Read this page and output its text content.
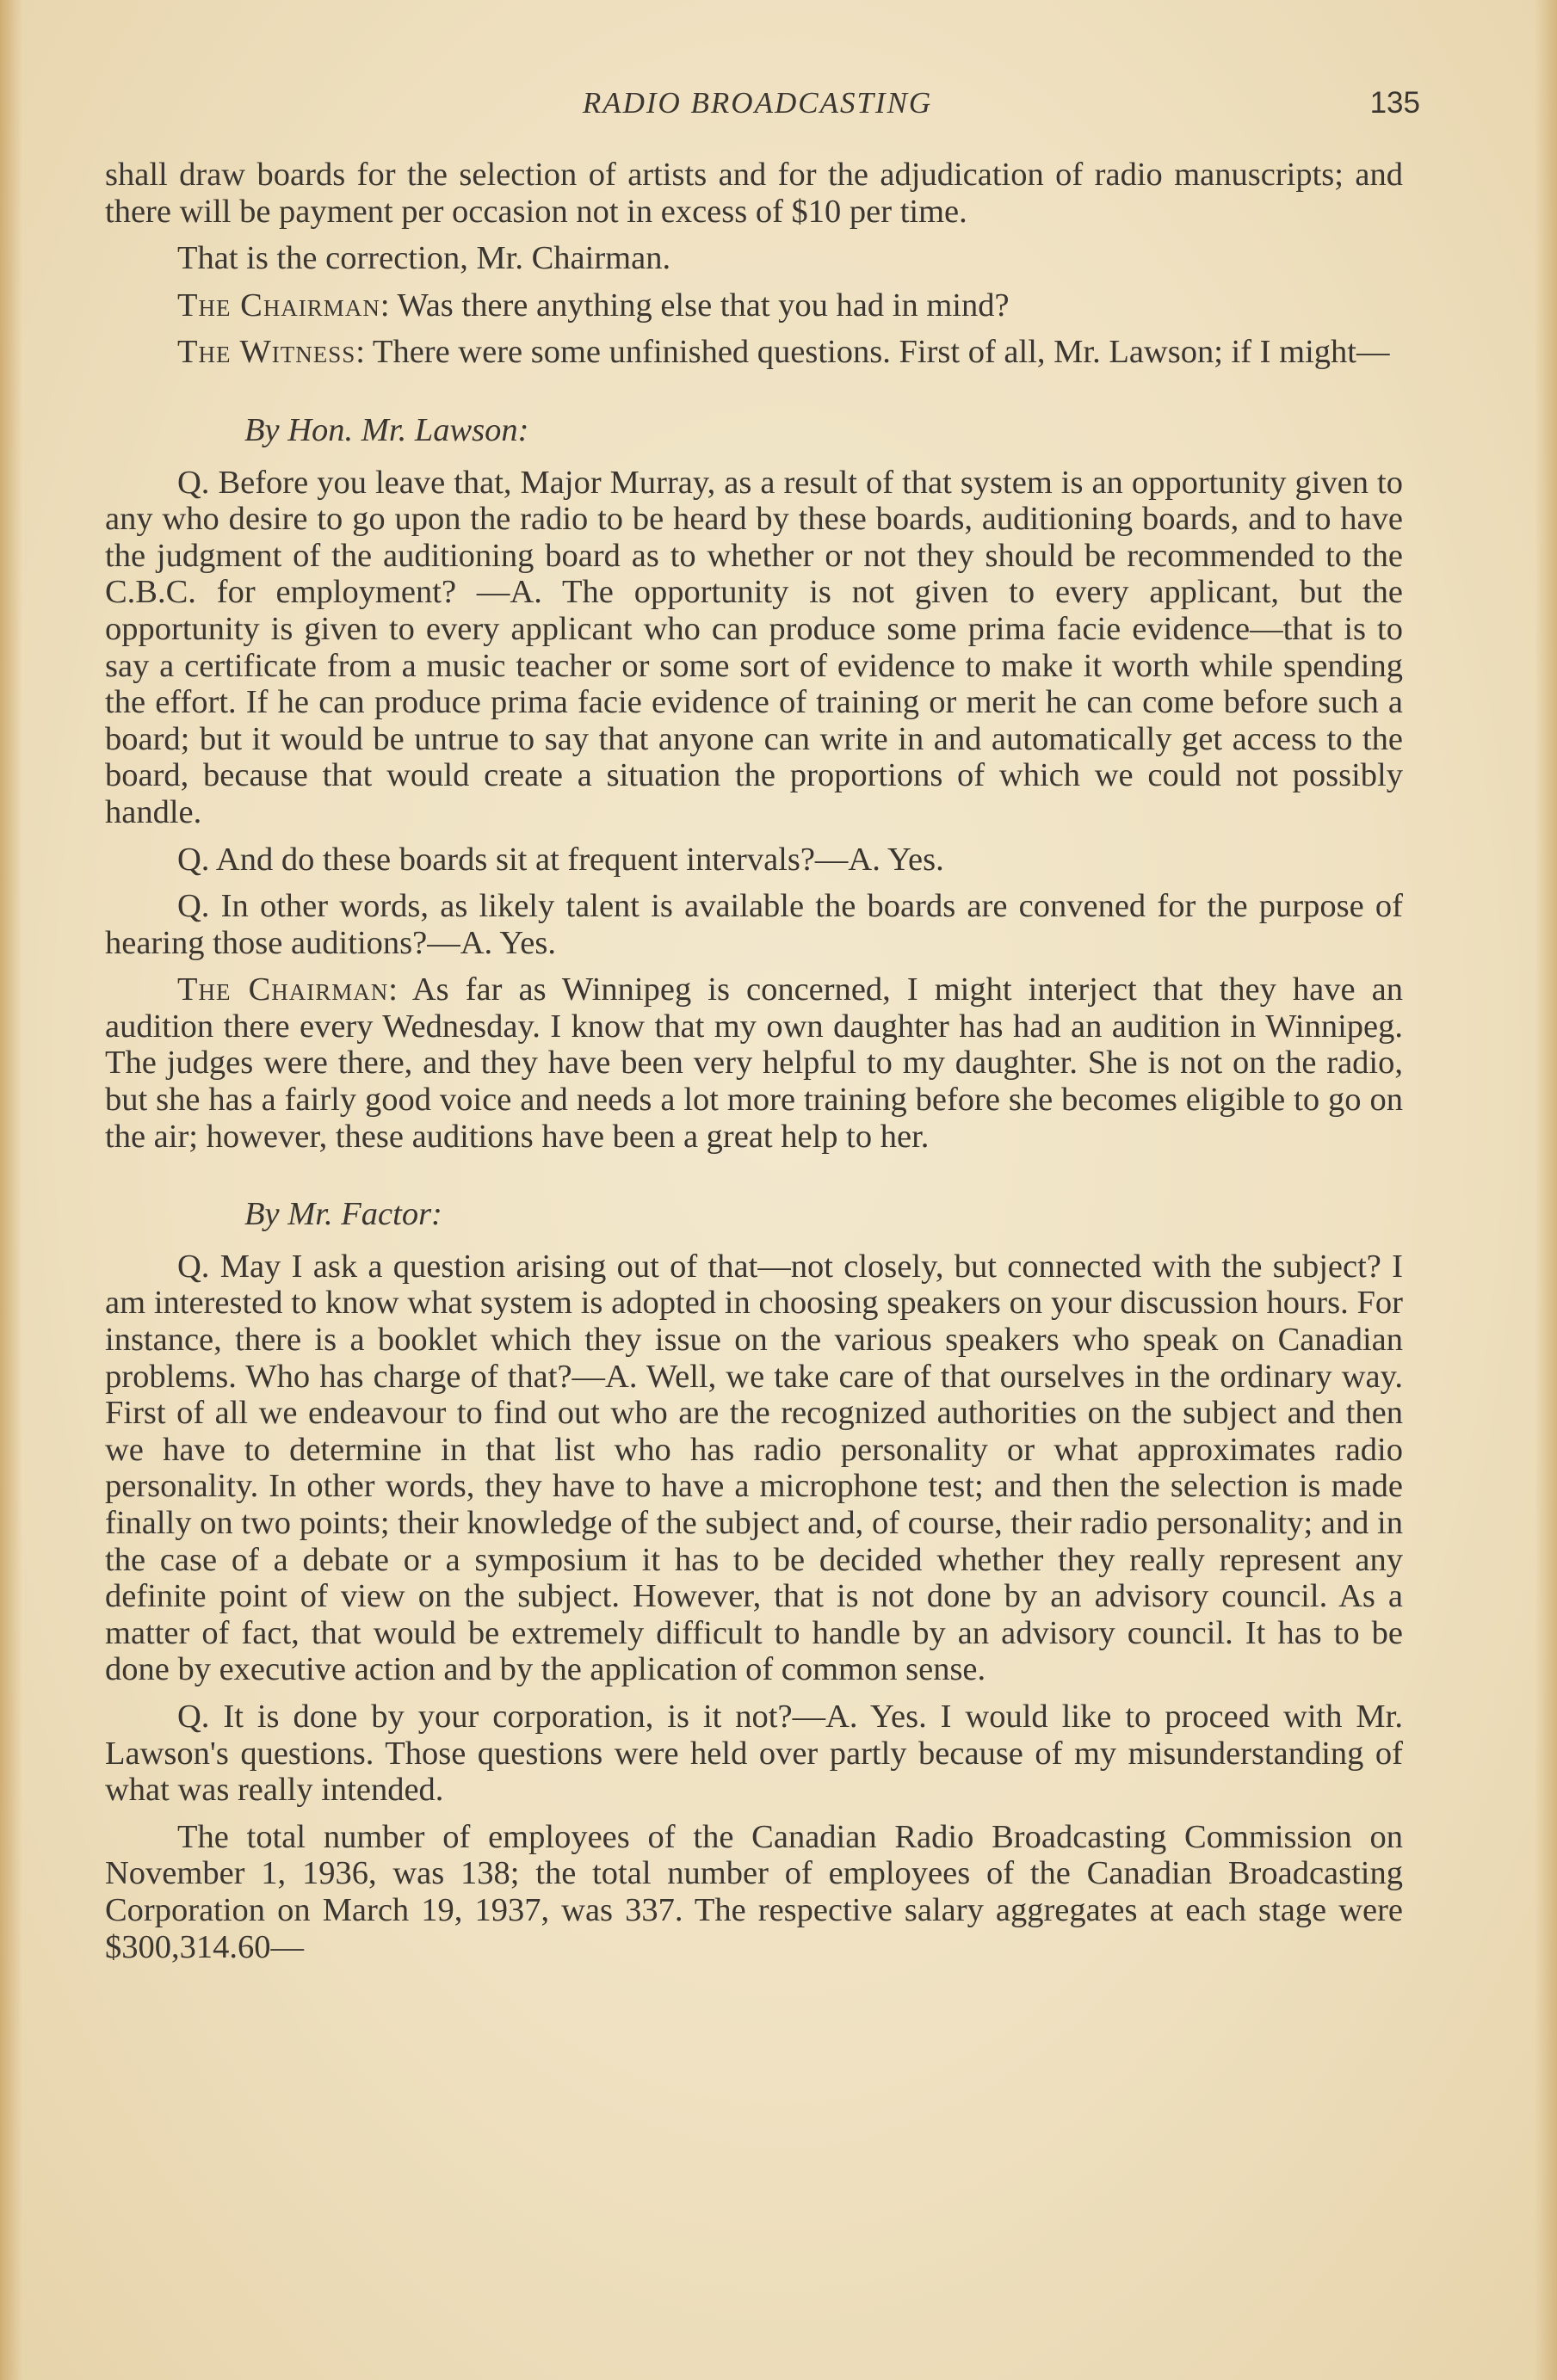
RADIO BROADCASTING	135

shall draw boards for the selection of artists and for the adjudication of radio manuscripts; and there will be payment per occasion not in excess of $10 per time.

That is the correction, Mr. Chairman.

The Chairman: Was there anything else that you had in mind?

The Witness: There were some unfinished questions. First of all, Mr. Lawson; if I might—

By Hon. Mr. Lawson:

Q. Before you leave that, Major Murray, as a result of that system is an opportunity given to any who desire to go upon the radio to be heard by these boards, auditioning boards, and to have the judgment of the auditioning board as to whether or not they should be recommended to the C.B.C. for employment? —A. The opportunity is not given to every applicant, but the opportunity is given to every applicant who can produce some prima facie evidence—that is to say a certificate from a music teacher or some sort of evidence to make it worth while spending the effort. If he can produce prima facie evidence of training or merit he can come before such a board; but it would be untrue to say that anyone can write in and automatically get access to the board, because that would create a situation the proportions of which we could not possibly handle.

Q. And do these boards sit at frequent intervals?—A. Yes.

Q. In other words, as likely talent is available the boards are convened for the purpose of hearing those auditions?—A. Yes.

The Chairman: As far as Winnipeg is concerned, I might interject that they have an audition there every Wednesday. I know that my own daughter has had an audition in Winnipeg. The judges were there, and they have been very helpful to my daughter. She is not on the radio, but she has a fairly good voice and needs a lot more training before she becomes eligible to go on the air; however, these auditions have been a great help to her.

By Mr. Factor:

Q. May I ask a question arising out of that—not closely, but connected with the subject? I am interested to know what system is adopted in choosing speakers on your discussion hours. For instance, there is a booklet which they issue on the various speakers who speak on Canadian problems. Who has charge of that?—A. Well, we take care of that ourselves in the ordinary way. First of all we endeavour to find out who are the recognized authorities on the subject and then we have to determine in that list who has radio personality or what approximates radio personality. In other words, they have to have a microphone test; and then the selection is made finally on two points; their knowledge of the subject and, of course, their radio personality; and in the case of a debate or a symposium it has to be decided whether they really represent any definite point of view on the subject. However, that is not done by an advisory council. As a matter of fact, that would be extremely difficult to handle by an advisory council. It has to be done by executive action and by the application of common sense.

Q. It is done by your corporation, is it not?—A. Yes. I would like to proceed with Mr. Lawson's questions. Those questions were held over partly because of my misunderstanding of what was really intended.

The total number of employees of the Canadian Radio Broadcasting Commission on November 1, 1936, was 138; the total number of employees of the Canadian Broadcasting Corporation on March 19, 1937, was 337. The respective salary aggregates at each stage were $300,314.60—
